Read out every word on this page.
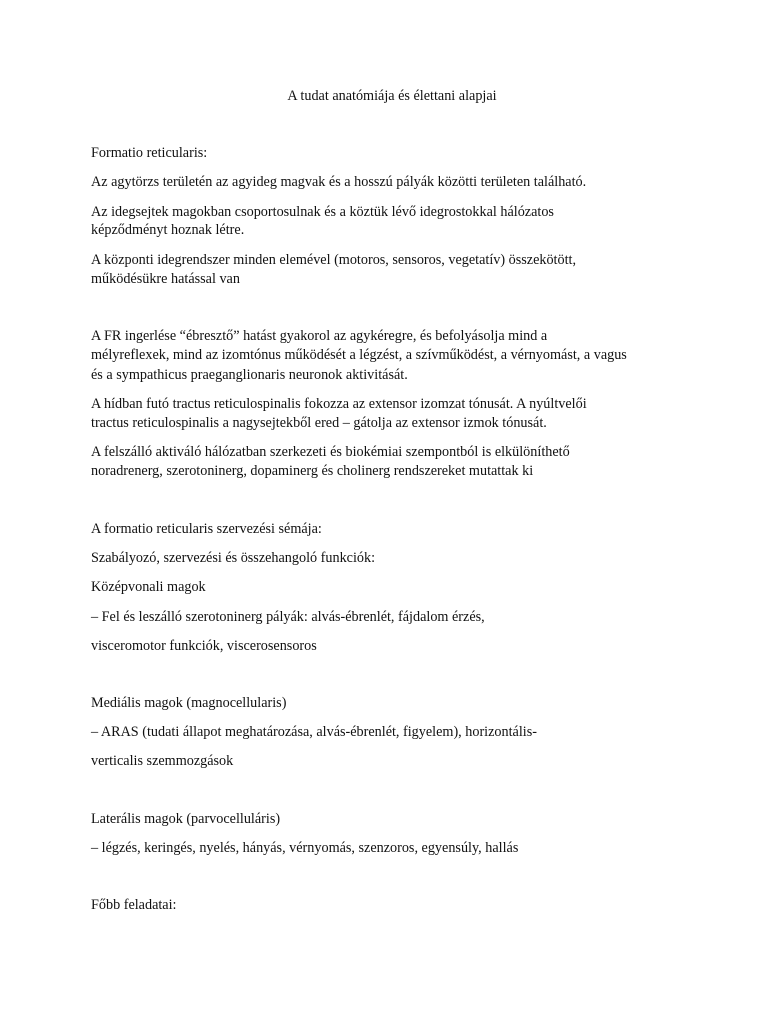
A tudat anatómiája és élettani alapjai

Formatio reticularis:

Az agytörzs területén az agyideg magvak és a hosszú pályák közötti területen található.

Az idegsejtek magokban csoportosulnak és a köztük lévő idegrostokkal hálózatos

képződményt hoznak létre.

A központi idegrendszer minden elemével (motoros, sensoros, vegetatív) összekötött,

működésükre hatással van

A FR ingerlése “ébresztő” hatást gyakorol az agykéregre, és befolyásolja mind a

mélyreflexek, mind az izomtónus működését a légzést, a szívműködést, a vérnyomást, a vagus

és a sympathicus praeganglionaris neuronok aktivitását.

A hídban futó tractus reticulospinalis fokozza az extensor izomzat tónusát. A nyúltvelői

tractus reticulospinalis a nagysejtekből ered – gátolja az extensor izmok tónusát.

A felszálló aktiváló hálózatban szerkezeti és biokémiai szempontból is elkülöníthető

noradrenerg, szerotoninerg, dopaminerg és cholinerg rendszereket mutattak ki

A formatio reticularis szervezési sémája:

Szabályozó, szervezési és összehangoló funkciók:

Középvonali magok

– Fel és leszálló szerotoninerg pályák: alvás-ébrenlét, fájdalom érzés,

visceromotor funkciók, viscerosensoros

Mediális magok (magnocellularis)

– ARAS (tudati állapot meghatározása, alvás-ébrenlét, figyelem), horizontális-

verticalis szemmozgások

Laterális magok (parvocelluláris)

– légzés, keringés, nyelés, hányás, vérnyomás, szenzoros, egyensúly, hallás

Főbb feladatai:
